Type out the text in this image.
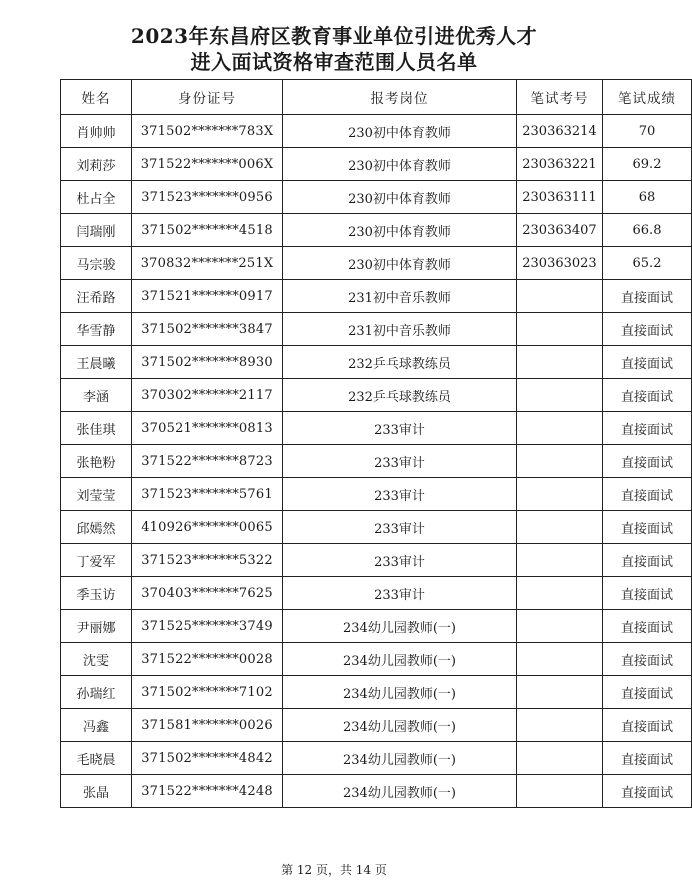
2023年东昌府区教育事业单位引进优秀人才
进入面试资格审查范围人员名单
姓名	身份证号	报考岗位	笔试考号	笔试成绩
肖帅帅	371502*******783X	230初中体育教师	230363214	70
刘莉莎	371522*******006X	230初中体育教师	230363221	69.2
杜占全	371523*******0956	230初中体育教师	230363111	68
闫瑞刚	371502*******4518	230初中体育教师	230363407	66.8
马宗骏	370832*******251X	230初中体育教师	230363023	65.2
汪希路	371521*******0917	231初中音乐教师		直接面试
华雪静	371502*******3847	231初中音乐教师		直接面试
王晨曦	371502*******8930	232乒乓球教练员		直接面试
李涵	370302*******2117	232乒乓球教练员		直接面试
张佳琪	370521*******0813	233审计		直接面试
张艳粉	371522*******8723	233审计		直接面试
刘莹莹	371523*******5761	233审计		直接面试
邱嫣然	410926*******0065	233审计		直接面试
丁爱军	371523*******5322	233审计		直接面试
季玉访	370403*******7625	233审计		直接面试
尹丽娜	371525*******3749	234幼儿园教师(一)		直接面试
沈雯	371522*******0028	234幼儿园教师(一)		直接面试
孙瑞红	371502*******7102	234幼儿园教师(一)		直接面试
冯鑫	371581*******0026	234幼儿园教师(一)		直接面试
毛晓晨	371502*******4842	234幼儿园教师(一)		直接面试
张晶	371522*******4248	234幼儿园教师(一)		直接面试
第 12 页，共 14 页
